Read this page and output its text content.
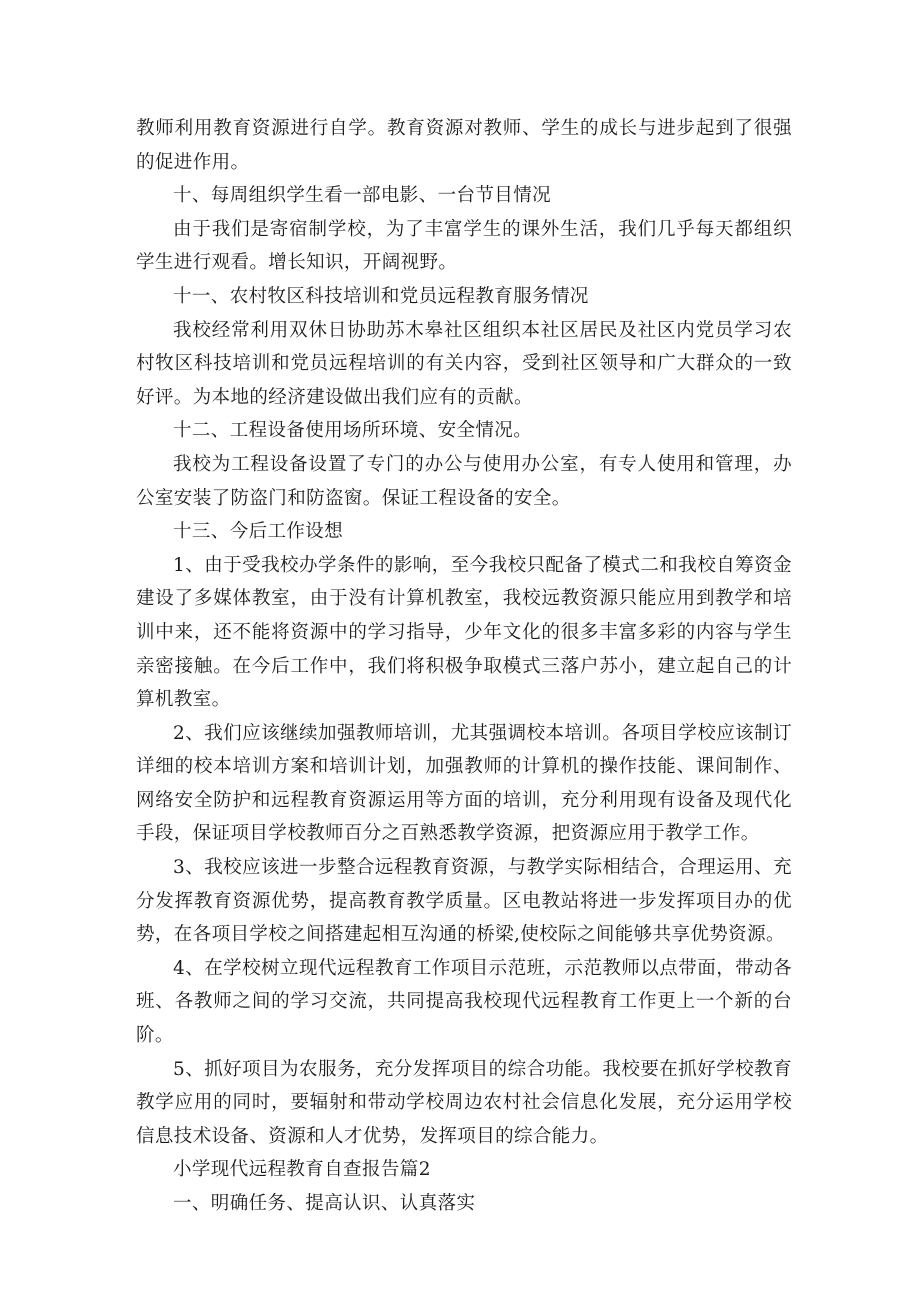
教师利用教育资源进行自学。教育资源对教师、学生的成长与进步起到了很强的促进作用。

十、每周组织学生看一部电影、一台节目情况

由于我们是寄宿制学校，为了丰富学生的课外生活，我们几乎每天都组织学生进行观看。增长知识，开阔视野。

十一、农村牧区科技培训和党员远程教育服务情况

我校经常利用双休日协助苏木皋社区组织本社区居民及社区内党员学习农村牧区科技培训和党员远程培训的有关内容，受到社区领导和广大群众的一致好评。为本地的经济建设做出我们应有的贡献。

十二、工程设备使用场所环境、安全情况。

我校为工程设备设置了专门的办公与使用办公室，有专人使用和管理，办公室安装了防盗门和防盗窗。保证工程设备的安全。

十三、今后工作设想

1、由于受我校办学条件的影响，至今我校只配备了模式二和我校自筹资金建设了多媒体教室，由于没有计算机教室，我校远教资源只能应用到教学和培训中来，还不能将资源中的学习指导，少年文化的很多丰富多彩的内容与学生亲密接触。在今后工作中，我们将积极争取模式三落户苏小，建立起自己的计算机教室。

2、我们应该继续加强教师培训，尤其强调校本培训。各项目学校应该制订详细的校本培训方案和培训计划，加强教师的计算机的操作技能、课间制作、网络安全防护和远程教育资源运用等方面的培训，充分利用现有设备及现代化手段，保证项目学校教师百分之百熟悉教学资源，把资源应用于教学工作。

3、我校应该进一步整合远程教育资源，与教学实际相结合，合理运用、充分发挥教育资源优势，提高教育教学质量。区电教站将进一步发挥项目办的优势，在各项目学校之间搭建起相互沟通的桥梁,使校际之间能够共享优势资源。

4、在学校树立现代远程教育工作项目示范班，示范教师以点带面，带动各班、各教师之间的学习交流，共同提高我校现代远程教育工作更上一个新的台阶。

5、抓好项目为农服务，充分发挥项目的综合功能。我校要在抓好学校教育教学应用的同时，要辐射和带动学校周边农村社会信息化发展，充分运用学校信息技术设备、资源和人才优势，发挥项目的综合能力。

小学现代远程教育自查报告篇2

一、明确任务、提高认识、认真落实
